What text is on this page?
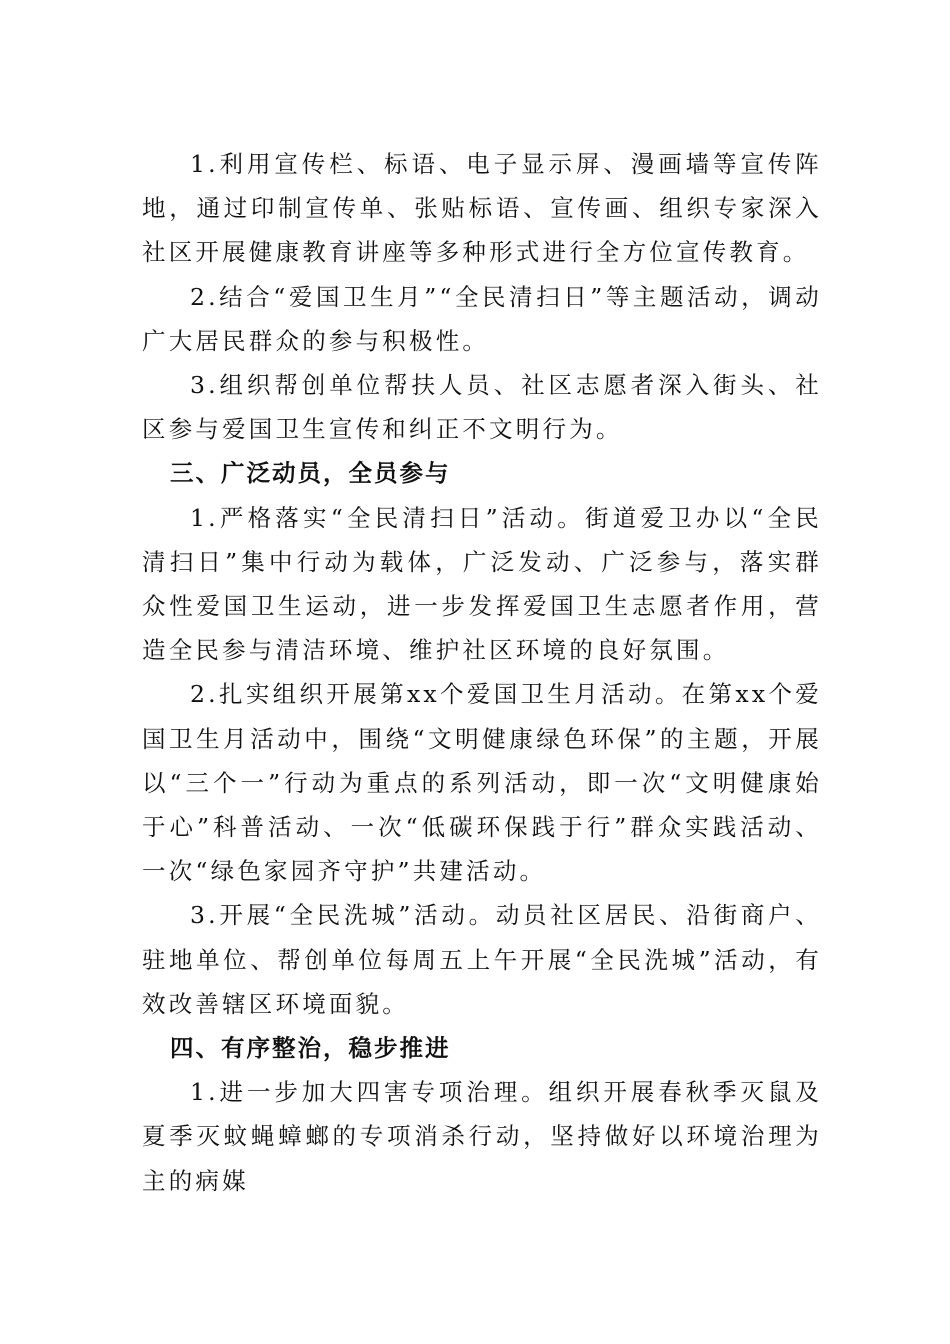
1.利用宣传栏、标语、电子显示屏、漫画墙等宣传阵地，通过印制宣传单、张贴标语、宣传画、组织专家深入社区开展健康教育讲座等多种形式进行全方位宣传教育。

2.结合“爱国卫生月”“全民清扫日”等主题活动，调动广大居民群众的参与积极性。

3.组织帮创单位帮扶人员、社区志愿者深入街头、社区参与爱国卫生宣传和纠正不文明行为。

三、广泛动员，全员参与

1.严格落实“全民清扫日”活动。街道爱卫办以“全民清扫日”集中行动为载体，广泛发动、广泛参与，落实群众性爱国卫生运动，进一步发挥爱国卫生志愿者作用，营造全民参与清洁环境、维护社区环境的良好氛围。

2.扎实组织开展第xx个爱国卫生月活动。在第xx个爱国卫生月活动中，围绕“文明健康绿色环保”的主题，开展以“三个一”行动为重点的系列活动，即一次“文明健康始于心”科普活动、一次“低碳环保践于行”群众实践活动、一次“绿色家园齐守护”共建活动。

3.开展“全民洗城”活动。动员社区居民、沿街商户、驻地单位、帮创单位每周五上午开展“全民洗城”活动，有效改善辖区环境面貌。

四、有序整治，稳步推进

1.进一步加大四害专项治理。组织开展春秋季灭鼠及夏季灭蚊蝇蟑螂的专项消杀行动，坚持做好以环境治理为主的病媒
